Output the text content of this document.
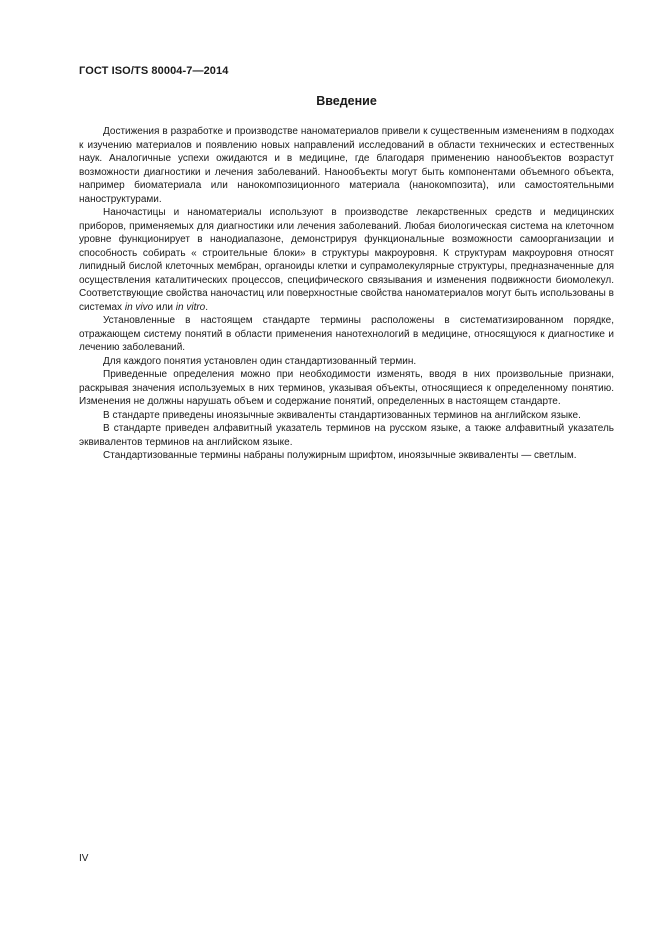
ГОСТ ISO/TS 80004-7—2014
Введение

Достижения в разработке и производстве наноматериалов привели к существенным изменениям в подходах к изучению материалов и появлению новых направлений исследований в области технических и естественных наук. Аналогичные успехи ожидаются и в медицине, где благодаря применению нанообъектов возрастут возможности диагностики и лечения заболеваний. Нанообъекты могут быть компонентами объемного объекта, например биоматериала или нанокомпозиционного материала (нанокомпозита), или самостоятельными наноструктурами.

Наночастицы и наноматериалы используют в производстве лекарственных средств и медицинских приборов, применяемых для диагностики или лечения заболеваний. Любая биологическая система на клеточном уровне функционирует в нанодиапазоне, демонстрируя функциональные возможности самоорганизации и способность собирать « строительные блоки» в структуры макроуровня. К структурам макроуровня относят липидный бислой клеточных мембран, органоиды клетки и супрамолекулярные структуры, предназначенные для осуществления каталитических процессов, специфического связывания и изменения подвижности биомолекул. Соответствующие свойства наночастиц или поверхностные свойства наноматериалов могут быть использованы в системах in vivo или in vitro.

Установленные в настоящем стандарте термины расположены в систематизированном порядке, отражающем систему понятий в области применения нанотехнологий в медицине, относящуюся к диагностике и лечению заболеваний.

Для каждого понятия установлен один стандартизованный термин.

Приведенные определения можно при необходимости изменять, вводя в них произвольные признаки, раскрывая значения используемых в них терминов, указывая объекты, относящиеся к определенному понятию. Изменения не должны нарушать объем и содержание понятий, определенных в настоящем стандарте.

В стандарте приведены иноязычные эквиваленты стандартизованных терминов на английском языке.

В стандарте приведен алфавитный указатель терминов на русском языке, а также алфавитный указатель эквивалентов терминов на английском языке.

Стандартизованные термины набраны полужирным шрифтом, иноязычные эквиваленты — светлым.

IV
